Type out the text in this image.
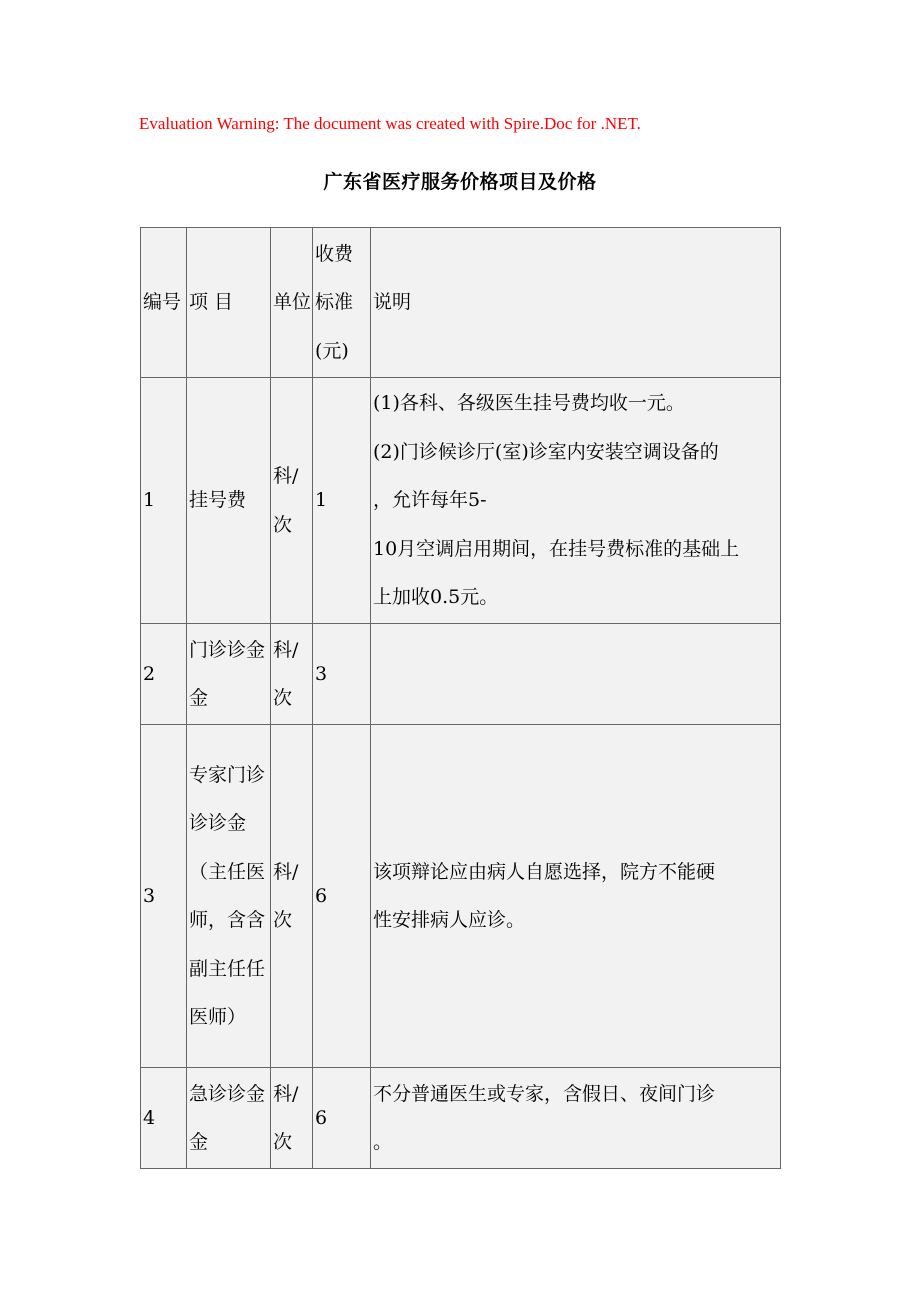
Evaluation Warning: The document was created with Spire.Doc for .NET.
广东省医疗服务价格项目及价格
编号	项 目	单位	收费标准(元)	说明
1	挂号费	科/次	1	(1)各科、各级医生挂号费均收一元。
(2)门诊候诊厅(室)诊室内安装空调设备的
，允许每年5-
10月空调启用期间，在挂号费标准的基础上
上加收0.5元。

2	门诊诊金金	科/次	3	
3	专家门诊诊诊金（主任医师，含含副主任任医师）	科/次	6	该项辩论应由病人自愿选择，院方不能硬
性安排病人应诊。

4	急诊诊金金	科/次	6	不分普通医生或专家，含假日、夜间门诊
。
